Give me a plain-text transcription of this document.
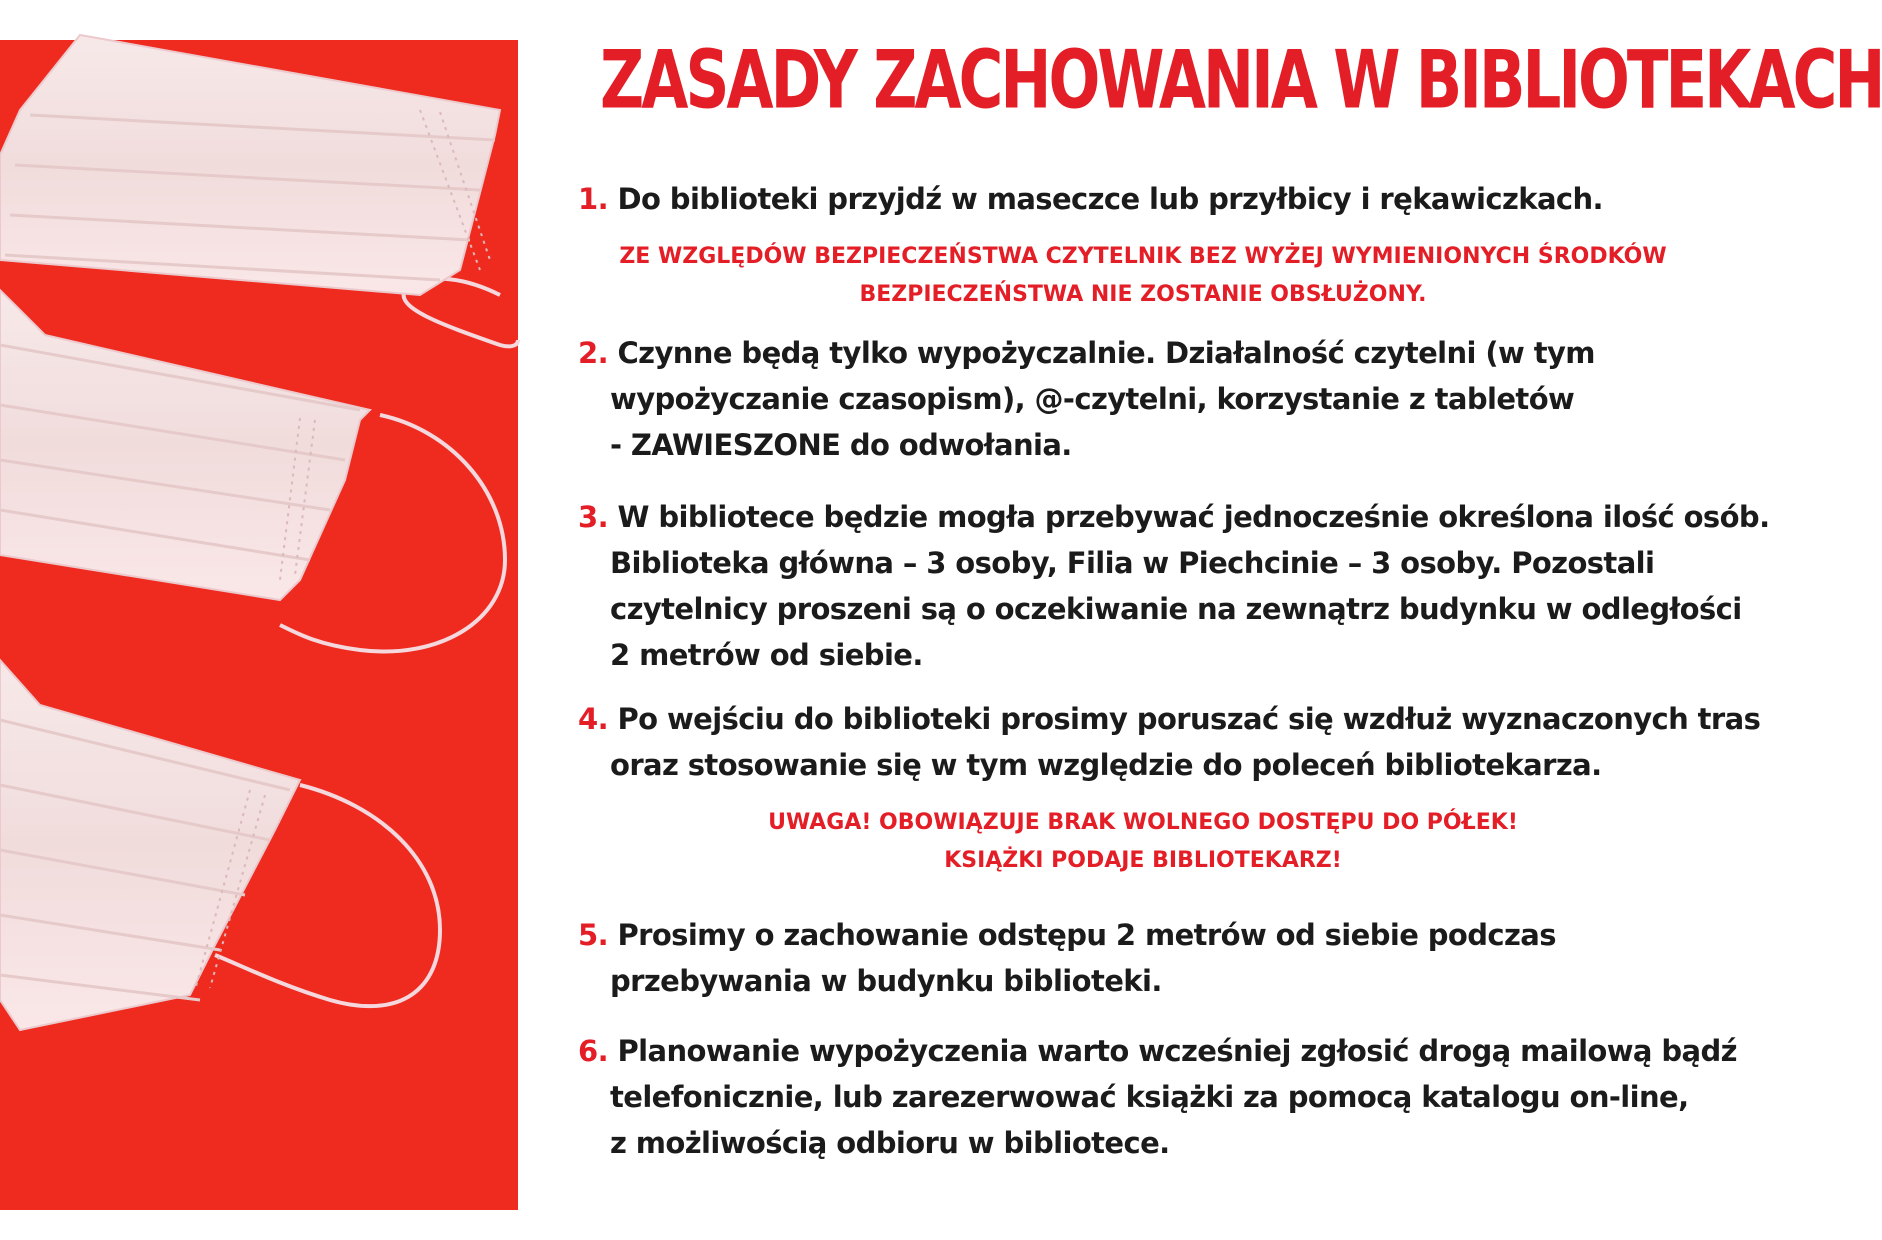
ZASADY ZACHOWANIA W BIBLIOTEKACH

1. Do biblioteki przyjdź w maseczce lub przyłbicy i rękawiczkach.

ZE WZGLĘDÓW BEZPIECZEŃSTWA CZYTELNIK BEZ WYŻEJ WYMIENIONYCH ŚRODKÓW
BEZPIECZEŃSTWA NIE ZOSTANIE OBSŁUŻONY.

2. Czynne będą tylko wypożyczalnie. Działalność czytelni (w tym
wypożyczanie czasopism), @-czytelni, korzystanie z tabletów
- ZAWIESZONE do odwołania.

3. W bibliotece będzie mogła przebywać jednocześnie określona ilość osób.
Biblioteka główna – 3 osoby, Filia w Piechcinie – 3 osoby. Pozostali
czytelnicy proszeni są o oczekiwanie na zewnątrz budynku w odległości
2 metrów od siebie.

4. Po wejściu do biblioteki prosimy poruszać się wzdłuż wyznaczonych tras
oraz stosowanie się w tym względzie do poleceń bibliotekarza.

UWAGA! OBOWIĄZUJE BRAK WOLNEGO DOSTĘPU DO PÓŁEK!
KSIĄŻKI PODAJE BIBLIOTEKARZ!

5. Prosimy o zachowanie odstępu 2 metrów od siebie podczas
przebywania w budynku biblioteki.

6. Planowanie wypożyczenia warto wcześniej zgłosić drogą mailową bądź
telefonicznie, lub zarezerwować książki za pomocą katalogu on-line,
z możliwością odbioru w bibliotece.
